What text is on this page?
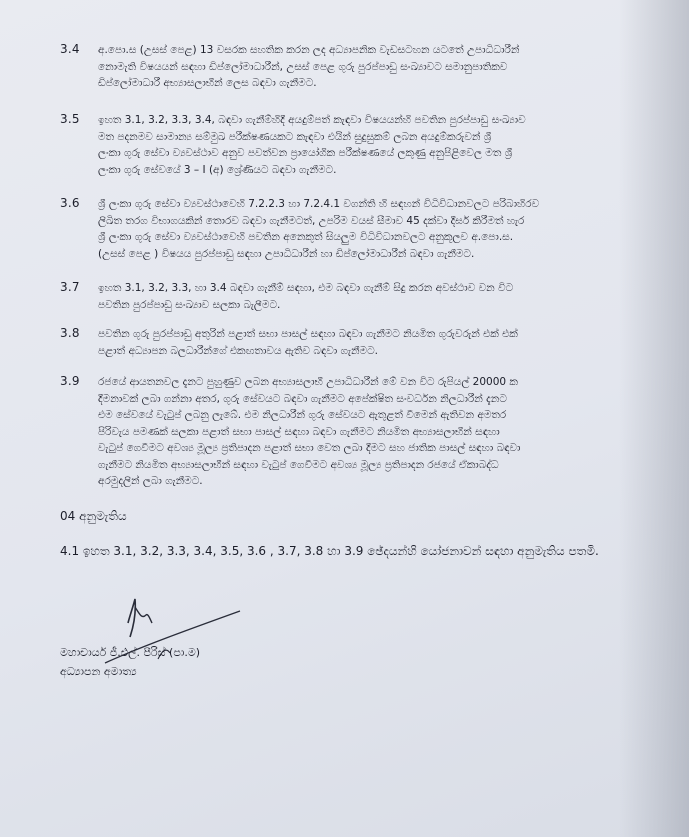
3.4 අ.පො.ස (උසස් පෙළ) 13 වසරක සහතික කරන ලද අධ්‍යාපනික වැඩසටහන යටතේ උපාධිධාරීන්
නොමැති විෂයයන් සඳහා ඩිප්ලෝමාධාරීන්, උසස් පෙළ ගුරු පුරප්පාඩු සංඛ්‍යාවට සමානුපාතිකව
ඩිප්ලෝමාධාරී අභ්‍යාසලාභීන් ලෙස බඳවා ගැනීමට.
3.5 ඉහත 3.1, 3.2, 3.3, 3.4, බඳවා ගැනීම්හිදී අයදුම්පත් කැඳවා විෂයයන්හි පවතින පුරප්පාඩු සංඛ්‍යාව
මත පදනමව සාමාන්‍ය සම්මුඛ පරීක්ෂණයකට කැඳවා එයින් සුදුසුකම් ලබන අයදුම්කරුවන් ශ්‍රී
ලංකා ගුරු සේවා ව්‍යවස්ථාව අනුව පවත්වන ප්‍රායෝගික පරීක්ෂණයේ ලකුණු අනුපිළිවෙල මත ශ්‍රී
ලංකා ගුරු සේවයේ 3 – I (අ) ශ්‍රේණියට බඳවා ගැනීමට.
3.6 ශ්‍රී ලංකා ගුරු සේවා ව්‍යවස්ථාවෙහි 7.2.2.3 හා 7.2.4.1 වගන්ති හි සඳහන් විධිවිධානවලට පරිබාහිරව
ලිඛිත තරග විභාගයකින් තොරව බඳවා ගැනීමටත්, උපරිම වයස් සීමාව 45 දක්වා දීර්ඝ කිරීමත් හැර
ශ්‍රී ලංකා ගුරු සේවා ව්‍යවස්ථාවෙහි පවතින අනෙකුත් සියලුම විධිවිධානවලට අනුකූලව අ.පො.ස.
(උසස් පෙළ ) විෂයය පුරප්පාඩු සඳහා උපාධිධාරීන් හා ඩිප්ලෝමාධාරීන් බඳවා ගැනීමට.
3.7 ඉහත 3.1, 3.2, 3.3, හා 3.4 බඳවා ගැනීම් සඳහා, එම බඳවා ගැනීම් සිදු කරන අවස්ථාව වන විට
පවතින පුරප්පාඩු සංඛ්‍යාව සලකා බැලීමට.
3.8 පවතින ගුරු පුරප්පාඩු අතුරින් පළාත් සභා පාසල් සඳහා බඳවා ගැනීමට නියමිත ගුරුවරුන් එක් එක්
පළාත් අධ්‍යාපන බලධාරීන්ගේ එකඟතාවය ඇතිව බඳවා ගැනීමට.
3.9 රජයේ ආයතනවල දැනට පුහුණුව ලබන අභ්‍යාසලාභී උපාධිධාරීන් මේ වන විට රුපියල් 20000 ක
දීමනාවක් ලබා ගන්නා අතර, ගුරු සේවයට බඳවා ගැනීමට අපේක්ෂිත සංවර්ධන නිලධාරීන් දැනට
එම සේවයේ වැටුප් ලබනු ලැබේ. එම නිලධාරීන් ගුරු සේවයට ඇතුළත් වීමෙන් ඇතිවන අමතර
පිරිවැය පමණක් සලකා පළාත් සභා පාසල් සඳහා බඳවා ගැනීමට නියමිත අභ්‍යාසලාභීන් සඳහා
වැටුප් ගෙවීමට අවශ්‍ය මූල්‍ය ප්‍රතිපාදන පළාත් සභා වෙත ලබා දීමට සහ ජාතික පාසල් සඳහා බඳවා
ගැනීමට නියමිත අභ්‍යාසලාභීන් සඳහා වැටුප් ගෙවීමට අවශ්‍ය මූල්‍ය ප්‍රතිපාදන රජයේ ඒකාබද්ධ
අරමුදලින් ලබා ගැනීමට.
04 අනුමැතිය
4.1 ඉහත 3.1, 3.2, 3.3, 3.4, 3.5, 3.6 , 3.7, 3.8 හා 3.9 ඡේදයන්හි යෝජනාවන් සඳහා අනුමැතිය පතමි.
මහාචාර්ය ජී.එල්. පීරිස් (පා.ම)
අධ්‍යාපන අමාත්‍ය
